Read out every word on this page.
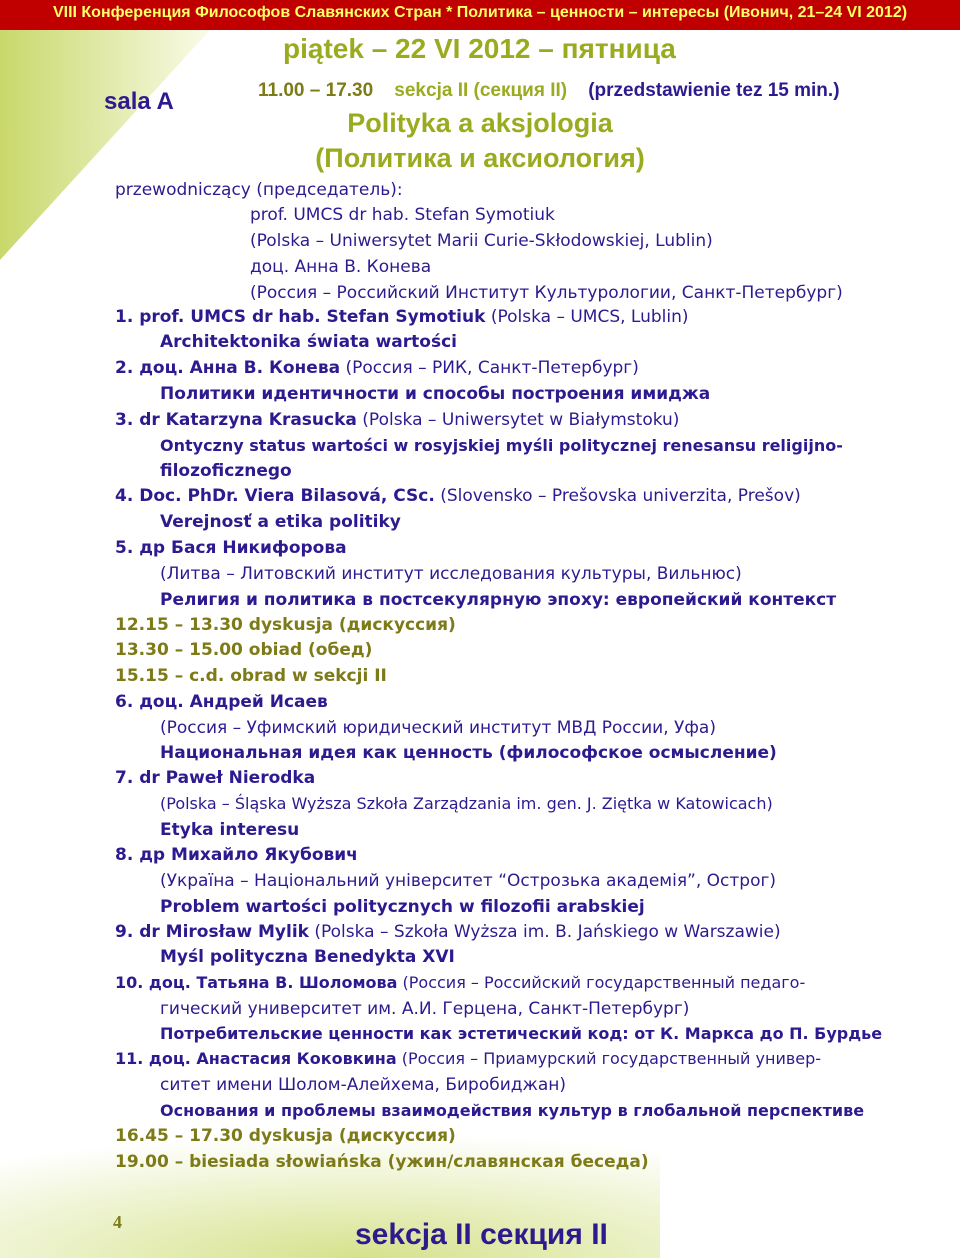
VIII Конференция Философов Славянских Стран * Политика – ценности – интересы (Ивонич, 21–24 VI 2012)
piątek – 22 VI 2012 – пятница
sala A	11.00 – 17.30 sekcja II (секция II) (przedstawienie tez 15 min.)
Polityka a aksjologia
(Политика и аксиология)
przewodniczący (председатель):
prof. UMCS dr hab. Stefan Symotiuk
(Polska – Uniwersytet Marii Curie-Skłodowskiej, Lublin)
доц. Анна В. Конева
(Россия – Российский Институт Культурологии, Санкт-Петербург)
1. prof. UMCS dr hab. Stefan Symotiuk (Polska – UMCS, Lublin)
Architektonika świata wartości
2. доц. Анна В. Конева (Россия – РИК, Санкт-Петербург)
Политики идентичности и способы построения имиджа
3. dr Katarzyna Krasucka (Polska – Uniwersytet w Białymstoku)
Ontyczny status wartości w rosyjskiej myśli politycznej renesansu religijno-
filozoficznego
4. Doc. PhDr. Viera Bilasová, CSc. (Slovensko – Prešovska univerzita, Prešov)
Verejnosť a etika politiky
5. др Бася Никифорова
(Литва – Литовский институт исследования культуры, Вильнюс)
Религия и политика в постсекулярную эпоху: европейский контекст
12.15 – 13.30 dyskusja (дискуссия)
13.30 – 15.00 obiad (обед)
15.15 – c.d. obrad w sekcji II
6. доц. Андрей Исаев
(Россия – Уфимский юридический институт МВД России, Уфа)
Национальная идея как ценность (философское осмысление)
7. dr Paweł Nierodka
(Polska – Śląska Wyższa Szkoła Zarządzania im. gen. J. Ziętka w Katowicach)
Etyka interesu
8. др Михайло Якубович
(Україна – Національний університет “Острозька академія”, Острог)
Problem wartości politycznych w filozofii arabskiej
9. dr Mirosław Mylik (Polska – Szkoła Wyższa im. B. Jańskiego w Warszawie)
Myśl polityczna Benedykta XVI
10. доц. Татьяна В. Шоломова (Россия – Российский государственный педаго-
гический университет им. А.И. Герцена, Санкт-Петербург)
Потребительские ценности как эстетический код: от К. Маркса до П. Бурдье
11. доц. Анастасия Коковкина (Россия – Приамурский государственный универ-
ситет имени Шолом-Алейхема, Биробиджан)
Основания и проблемы взаимодействия культур в глобальной перспективе
16.45 – 17.30 dyskusja (дискуссия)
19.00 – biesiada słowiańska (ужин/славянская беседа)
4	sekcja II секция II
